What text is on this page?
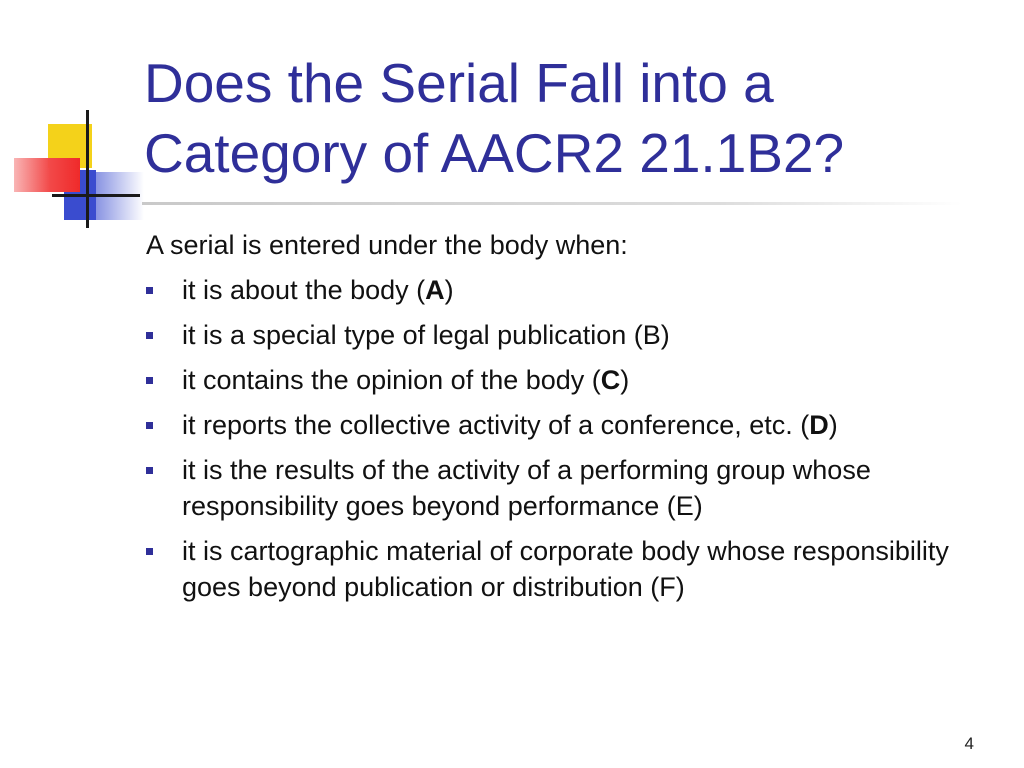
Does the Serial Fall into a
Category of AACR2 21.1B2?

A serial is entered under the body when:

it is about the body (A)
it is a special type of legal publication (B)
it contains the opinion of the body (C)
it reports the collective activity of a conference, etc. (D)
it is the results of the activity of a performing group whose responsibility goes beyond performance (E)
it is cartographic material of corporate body whose responsibility goes beyond publication or distribution (F)
4
